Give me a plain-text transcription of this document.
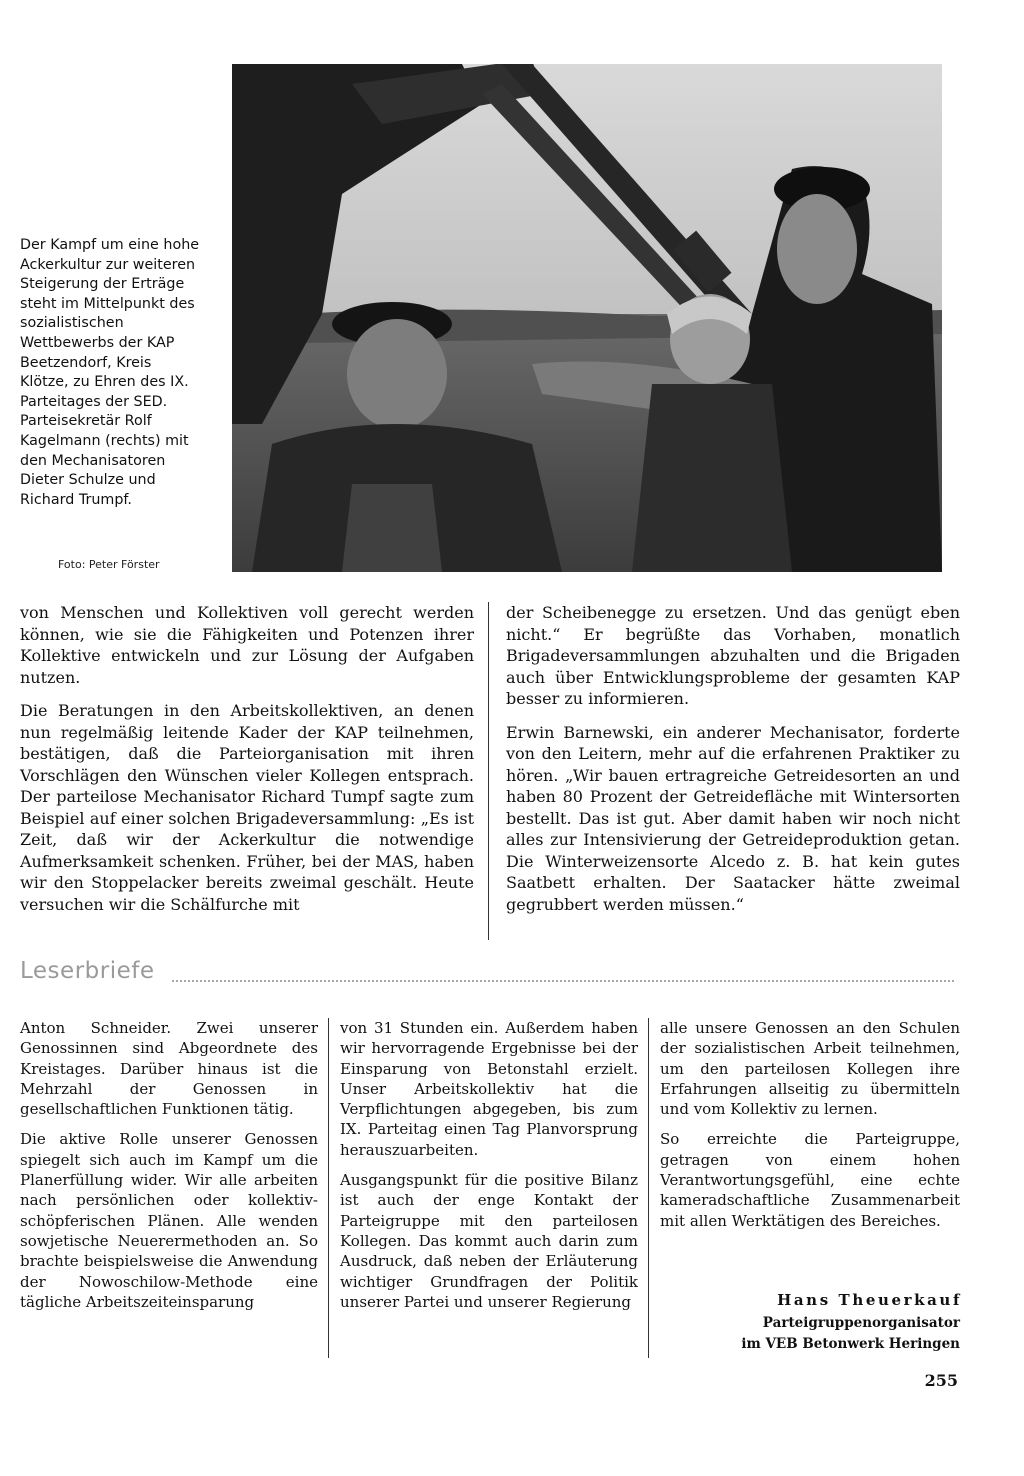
Der Kampf um eine hohe Ackerkultur zur weiteren Steigerung der Erträge steht im Mittelpunkt des sozialistischen Wettbewerbs der KAP Beetzendorf, Kreis Klötze, zu Ehren des IX. Parteitages der SED. Parteisekretär Rolf Kagelmann (rechts) mit den Mechanisatoren Dieter Schulze und Richard Trumpf.

Foto: Peter Förster

von Menschen und Kollektiven voll gerecht werden können, wie sie die Fähigkeiten und Potenzen ihrer Kollektive entwickeln und zur Lösung der Aufgaben nutzen.

Die Beratungen in den Arbeitskollektiven, an denen nun regelmäßig leitende Kader der KAP teilnehmen, bestätigen, daß die Parteiorganisation mit ihren Vorschlägen den Wünschen vieler Kollegen entsprach. Der parteilose Mechanisator Richard Tumpf sagte zum Beispiel auf einer solchen Brigadeversammlung: „Es ist Zeit, daß wir der Ackerkultur die notwendige Aufmerksamkeit schenken. Früher, bei der MAS, haben wir den Stoppelacker bereits zweimal geschält. Heute versuchen wir die Schälfurche mit

der Scheibenegge zu ersetzen. Und das genügt eben nicht.“ Er begrüßte das Vorhaben, monatlich Brigadeversammlungen abzuhalten und die Brigaden auch über Entwicklungsprobleme der gesamten KAP besser zu informieren.

Erwin Barnewski, ein anderer Mechanisator, forderte von den Leitern, mehr auf die erfahrenen Praktiker zu hören. „Wir bauen ertragreiche Getreidesorten an und haben 80 Prozent der Getreidefläche mit Wintersorten bestellt. Das ist gut. Aber damit haben wir noch nicht alles zur Intensivierung der Getreideproduktion getan. Die Winterweizensorte Alcedo z. B. hat kein gutes Saatbett erhalten. Der Saatacker hätte zweimal gegrubbert werden müssen.“

Leserbriefe

Anton Schneider. Zwei unserer Genossinnen sind Abgeordnete des Kreistages. Darüber hinaus ist die Mehrzahl der Genossen in gesellschaftlichen Funktionen tätig.

Die aktive Rolle unserer Genossen spiegelt sich auch im Kampf um die Planerfüllung wider. Wir alle arbeiten nach persönlichen oder kollektiv-schöpferischen Plänen. Alle wenden sowjetische Neuerermethoden an. So brachte beispielsweise die Anwendung der Nowoschilow-Methode eine tägliche Arbeitszeiteinsparung

von 31 Stunden ein. Außerdem haben wir hervorragende Ergebnisse bei der Einsparung von Betonstahl erzielt. Unser Arbeitskollektiv hat die Verpflichtungen abgegeben, bis zum IX. Parteitag einen Tag Planvorsprung herauszuarbeiten.

Ausgangspunkt für die positive Bilanz ist auch der enge Kontakt der Parteigruppe mit den parteilosen Kollegen. Das kommt auch darin zum Ausdruck, daß neben der Erläuterung wichtiger Grundfragen der Politik unserer Partei und unserer Regierung

alle unsere Genossen an den Schulen der sozialistischen Arbeit teilnehmen, um den parteilosen Kollegen ihre Erfahrungen allseitig zu übermitteln und vom Kollektiv zu lernen.

So erreichte die Parteigruppe, getragen von einem hohen Verantwortungsgefühl, eine echte kameradschaftliche Zusammenarbeit mit allen Werktätigen des Bereiches.

Hans Theuerkauf
Parteigruppenorganisator
im VEB Betonwerk Heringen
255
